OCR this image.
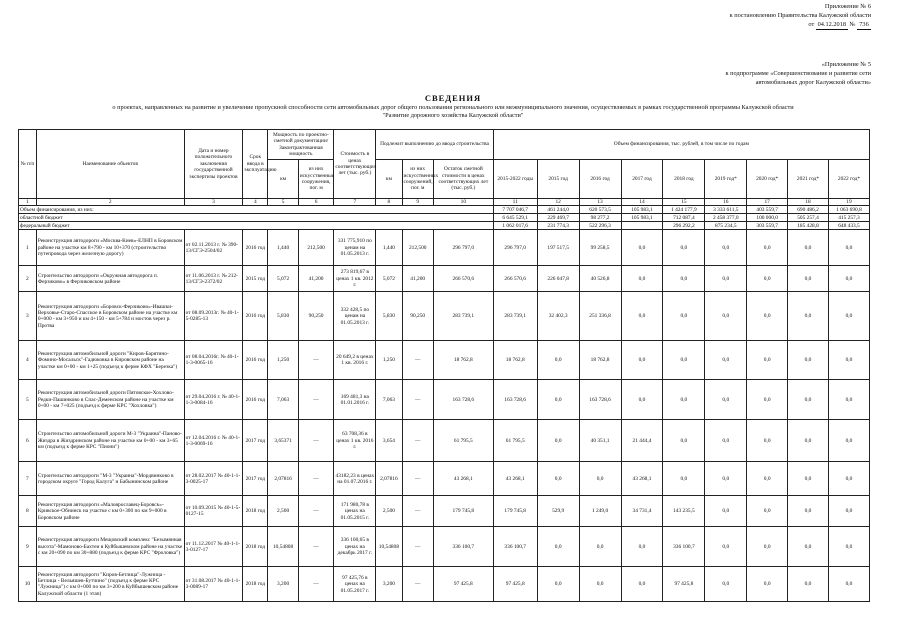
Приложение № 6
к постановлению Правительства Калужской области
от 04.12.2018 № 736
«Приложение № 5
к подпрограмме «Совершенствование и развитие сети
автомобильных дорог Калужской области»
СВЕДЕНИЯ
о проектах, направленных на развитие и увеличение пропускной способности сети автомобильных дорог общего пользования регионального или межмуниципального значения, осуществляемых в рамках государственной программы Калужской области
"Развитие дорожного хозяйства Калужской области"
№ п/п	Наименование объектов	Дата и номер положительного заключения государственной экспертизы проектов	Срок ввода в эксплуатацию	Мощность по проектно-сметной документации/ Законтрактованная мощность		Стоимость в ценах соответствующих лет (тыс. руб.)	Подлежит выполнению до ввода строительства			Объем финансирования, тыс. рублей, в том числе по годам								
				км	из них искусственные сооружения, пог. м		км	из них искусственных сооружений, пог. м	Остаток сметной стоимости в ценах соответствующих лет (тыс. руб.)	2015-2022 годы	2015 год	2016 год	2017 год	2018 год	2019 год*	2020 год*	2021 год*	2022 год*
1	2	3	4	5	6	7	8	9	10	11	12	13	14	15	16	17	18	19
Объем финансирования, из них:										7 707 046,7	461 244,0	620 573,5	105 983,1	1 424 177,9	3 333 611,5	403 559,7	690 486,2	1 063 690,8
областной бюджет										6 645 529,1	229 469,7	98 277,2	105 983,1	712 087,4	2 458 377,0	100 000,0	505 257,4	415 257,3
федеральный бюджет										1 062 017,6	231 774,3	522 296,3		296 292,2	875 234,5	303 559,7	185 428,8	648 433,5
1	Реконструкция автодороги «Москва-Киев»-ЕЛНП в Боровском районе на участке км 8+790 - км 10+370 (строительство путепровода через железную дорогу)	от 02.11.2013 г. № 390-13/СГЭ-2504/02	2016 год	1,440	212,500	331 775,910 по ценам на 01.05.2013 г.	1,440	212,500	296 797,0	296 797,0	197 517,5	99 258,5	0,0	0,0	0,0	0,0	0,0	0,0
2	Строительство автодороги «Окружная автодорога п. Ферзиково» в Ферзиковском районе	от 11.06.2013 г. № 212-13/СГЭ-2372/02	2015 год	5,072	41,200	273 819,67 в ценах 1 кв. 2012 г.	5,072	41,200	266 570,6	266 570,6	226 047,8	40 526,8	0,0	0,0	0,0	0,0	0,0	0,0
3	Реконструкция автодороги «Боровск-Ферзиково»-Ивашки-Верховье-Старо-Спасское в Боровском районе на участке км 0+000 - км 3+950 и км 4+150 - км 5+784 и мостов через р. Протва	от 08.09.2013г. № 40-1-5-0285-13	2016 год	5,830	90,250	332 428,5 по ценам на 01.05.2013 г.	5,830	90,250	283 739,1	283 739,1	32 402,3	251 336,8	0,0	0,0	0,0	0,0	0,0	0,0
4	Реконструкция автомобильной дороги "Киров-Барятино-Фомино-Мосальск"-Гадюковка в Кировском районе на участке км 0+00 - км 1+25 (подъезд к ферме КФХ "Березка")	от 08.04.2016г. № 40-1-1-3-0065-16	2016 год	1,250	—	20 649,2 в ценах 1 кв. 2016 г.	1,250	—	18 762,8	18 762,8	0,0	18 762,8	0,0	0,0	0,0	0,0	0,0	0,0
5	Реконструкция автомобильной дороги Пятовское-Хохлово-Редки-Пашинково в Спас-Деменском районе на участке км 0+00 - км 7+025 (подъезд к ферме КРС "Хохловка")	от 29.04.2016 г. № 40-1-1-3-0084-16	2016 год	7,063	—	169 481,3 на 01.01.2016 г.	7,063	—	163 728,6	163 728,6	0,0	163 728,6	0,0	0,0	0,0	0,0	0,0	0,0
6	Строительство автомобильной дороги М-3 "Украина"-Паново-Жиздра в Жиздринском районе на участке км 0+00 - км 3+65 км (подъезд к ферме КРС "Пиони")	от 12.04.2016 г. № 40-1-1-3-0069-16	2017 год	3,65371	—	63 708,36 в ценах 1 кв. 2016 г.	3,654	—	61 795,5	61 795,5	0,0	40 351,1	21 444,4	0,0	0,0	0,0	0,0	0,0
7	Строительство автодороги "М-3 "Украина"-Мордвинково в городском округе "Город Калуга" и Бабынинском районе	от 28.02.2017 № 40-1-1-3-0025-17	2017 год	2,07816	—	43182,23 в ценах на 01.07.2016 г.	2,07816	—	43 268,1	43 268,1	0,0	0,0	43 268,1	0,0	0,0	0,0	0,0	0,0
8	Реконструкция автодороги «Малоярославец-Боровск»-Кривское-Обнинск на участке с км 0+300 по км 9+000 в Боровском районе	от 10.09.2015 № 40-1-5-0127-15	2018 год	2,500	—	171 980,78 в ценах на 01.05.2015 г.	2,500	—	179 745,8	179 745,8	529,9	1 249,0	34 731,4	143 235,5	0,0	0,0	0,0	0,0
9	Реконструкция автодороги Мещовский комплекс "Безымянная высота"-Мамоново-Бахтеи в Куйбышевском районе на участке с км 20+090 по км 30+880 (подъезд к ферме КРС "Фроловка")	от 11.12.2017 № 40-1-1-3-0127-17	2018 год	10,54808	—	336 100,65 в ценах на декабрь 2017 г.	10,54808	—	336 100,7	336 100,7	0,0	0,0	0,0	336 100,7	0,0	0,0	0,0	0,0
10	Реконструкция автодороги "Киров-Бетлица"-Лужница - Бетлица - Вельяшев-Бутчино" (подъезд к ферме КРС "Лужница") с км 0+000 по км 3+200 в Куйбышевском районе Калужской области (1 этап)	от 31.08.2017 № 40-1-1-3-0089-17	2018 год	3,200	—	97 425,76 в ценах на 01.05.2017 г.	3,200	—	97 425,8	97 425,8	0,0	0,0	0,0	97 425,8	0,0	0,0	0,0	0,0
